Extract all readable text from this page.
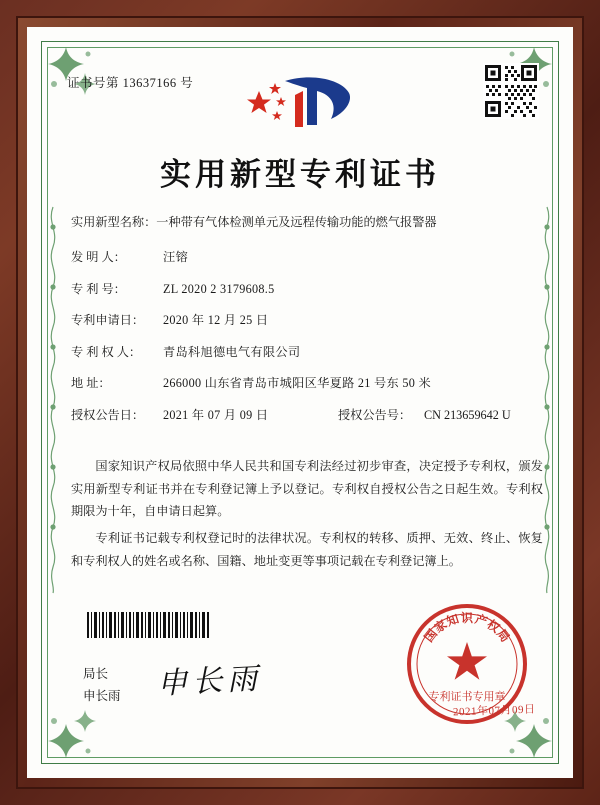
证书号第 13637166 号
实用新型专利证书
实用新型名称：一种带有气体检测单元及远程传输功能的燃气报警器
发 明 人：	汪镕
专 利 号：	ZL 2020 2 3179608.5
专利申请日：	2020 年 12 月 25 日
专 利 权 人：	青岛科旭德电气有限公司
地 址：	266000 山东省青岛市城阳区华夏路 21 号东 50 米
授权公告日：	2021 年 07 月 09 日	授权公告号：	CN 213659642 U
国家知识产权局依照中华人民共和国专利法经过初步审查，决定授予专利权，颁发实用新型专利证书并在专利登记簿上予以登记。专利权自授权公告之日起生效。专利权期限为十年，自申请日起算。
专利证书记载专利权登记时的法律状况。专利权的转移、质押、无效、终止、恢复和专利权人的姓名或名称、国籍、地址变更等事项记载在专利登记簿上。
局长
申长雨 申长雨
国
家
知 识 产
权
局
专利证书专用章
2021年07月09日
